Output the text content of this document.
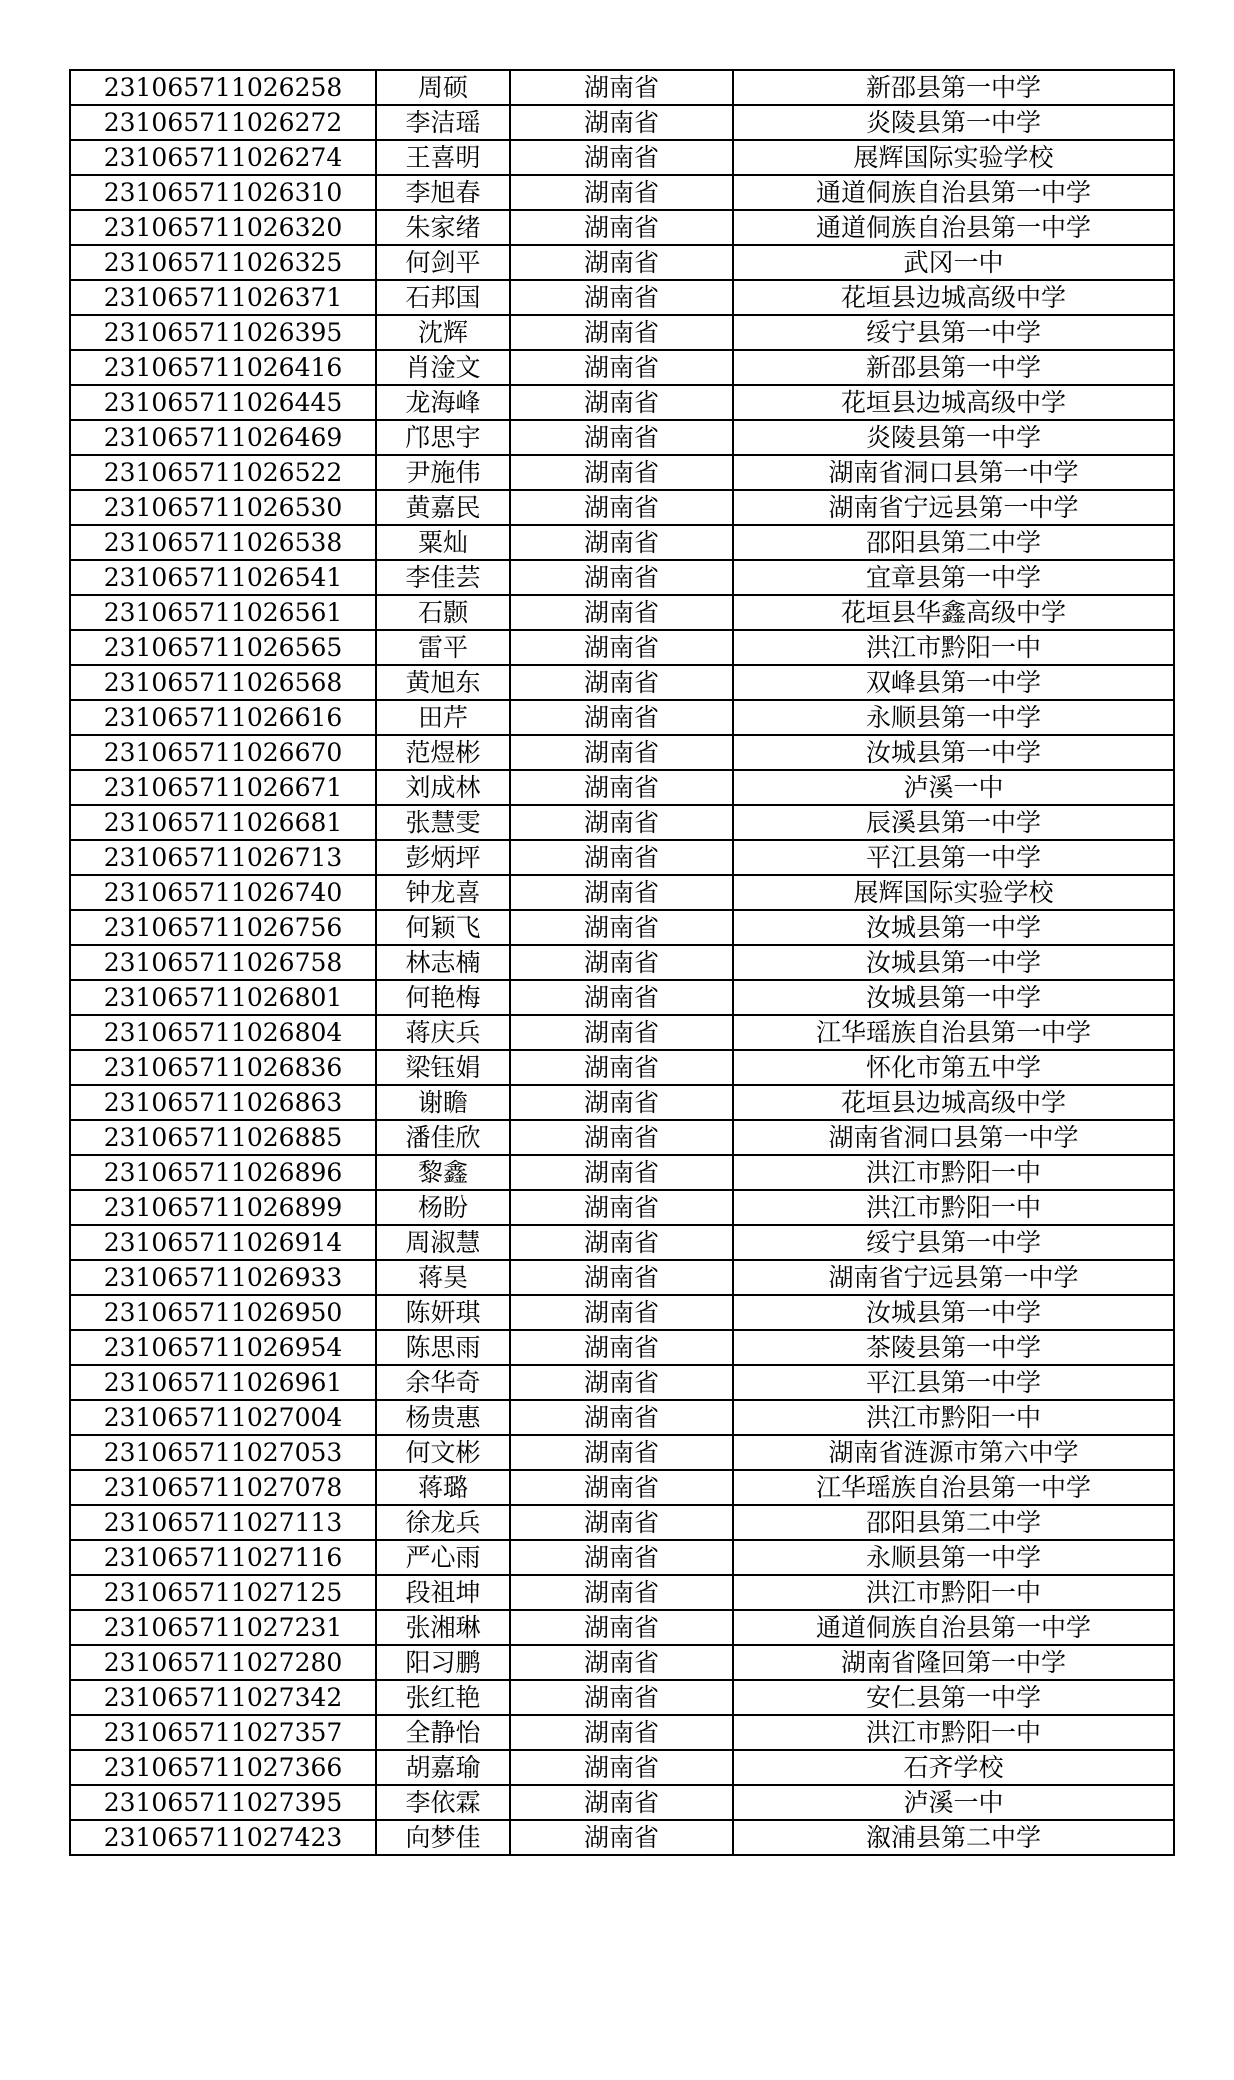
231065711026258	周硕	湖南省	新邵县第一中学
231065711026272	李洁瑶	湖南省	炎陵县第一中学
231065711026274	王喜明	湖南省	展辉国际实验学校
231065711026310	李旭春	湖南省	通道侗族自治县第一中学
231065711026320	朱家绪	湖南省	通道侗族自治县第一中学
231065711026325	何剑平	湖南省	武冈一中
231065711026371	石邦国	湖南省	花垣县边城高级中学
231065711026395	沈辉	湖南省	绥宁县第一中学
231065711026416	肖淦文	湖南省	新邵县第一中学
231065711026445	龙海峰	湖南省	花垣县边城高级中学
231065711026469	邝思宇	湖南省	炎陵县第一中学
231065711026522	尹施伟	湖南省	湖南省洞口县第一中学
231065711026530	黄嘉民	湖南省	湖南省宁远县第一中学
231065711026538	粟灿	湖南省	邵阳县第二中学
231065711026541	李佳芸	湖南省	宜章县第一中学
231065711026561	石颢	湖南省	花垣县华鑫高级中学
231065711026565	雷平	湖南省	洪江市黔阳一中
231065711026568	黄旭东	湖南省	双峰县第一中学
231065711026616	田芹	湖南省	永顺县第一中学
231065711026670	范煜彬	湖南省	汝城县第一中学
231065711026671	刘成林	湖南省	泸溪一中
231065711026681	张慧雯	湖南省	辰溪县第一中学
231065711026713	彭炳坪	湖南省	平江县第一中学
231065711026740	钟龙喜	湖南省	展辉国际实验学校
231065711026756	何颖飞	湖南省	汝城县第一中学
231065711026758	林志楠	湖南省	汝城县第一中学
231065711026801	何艳梅	湖南省	汝城县第一中学
231065711026804	蒋庆兵	湖南省	江华瑶族自治县第一中学
231065711026836	梁钰娟	湖南省	怀化市第五中学
231065711026863	谢瞻	湖南省	花垣县边城高级中学
231065711026885	潘佳欣	湖南省	湖南省洞口县第一中学
231065711026896	黎鑫	湖南省	洪江市黔阳一中
231065711026899	杨盼	湖南省	洪江市黔阳一中
231065711026914	周淑慧	湖南省	绥宁县第一中学
231065711026933	蒋昊	湖南省	湖南省宁远县第一中学
231065711026950	陈妍琪	湖南省	汝城县第一中学
231065711026954	陈思雨	湖南省	茶陵县第一中学
231065711026961	余华奇	湖南省	平江县第一中学
231065711027004	杨贵惠	湖南省	洪江市黔阳一中
231065711027053	何文彬	湖南省	湖南省涟源市第六中学
231065711027078	蒋璐	湖南省	江华瑶族自治县第一中学
231065711027113	徐龙兵	湖南省	邵阳县第二中学
231065711027116	严心雨	湖南省	永顺县第一中学
231065711027125	段祖坤	湖南省	洪江市黔阳一中
231065711027231	张湘琳	湖南省	通道侗族自治县第一中学
231065711027280	阳习鹏	湖南省	湖南省隆回第一中学
231065711027342	张红艳	湖南省	安仁县第一中学
231065711027357	全静怡	湖南省	洪江市黔阳一中
231065711027366	胡嘉瑜	湖南省	石齐学校
231065711027395	李依霖	湖南省	泸溪一中
231065711027423	向梦佳	湖南省	溆浦县第二中学
